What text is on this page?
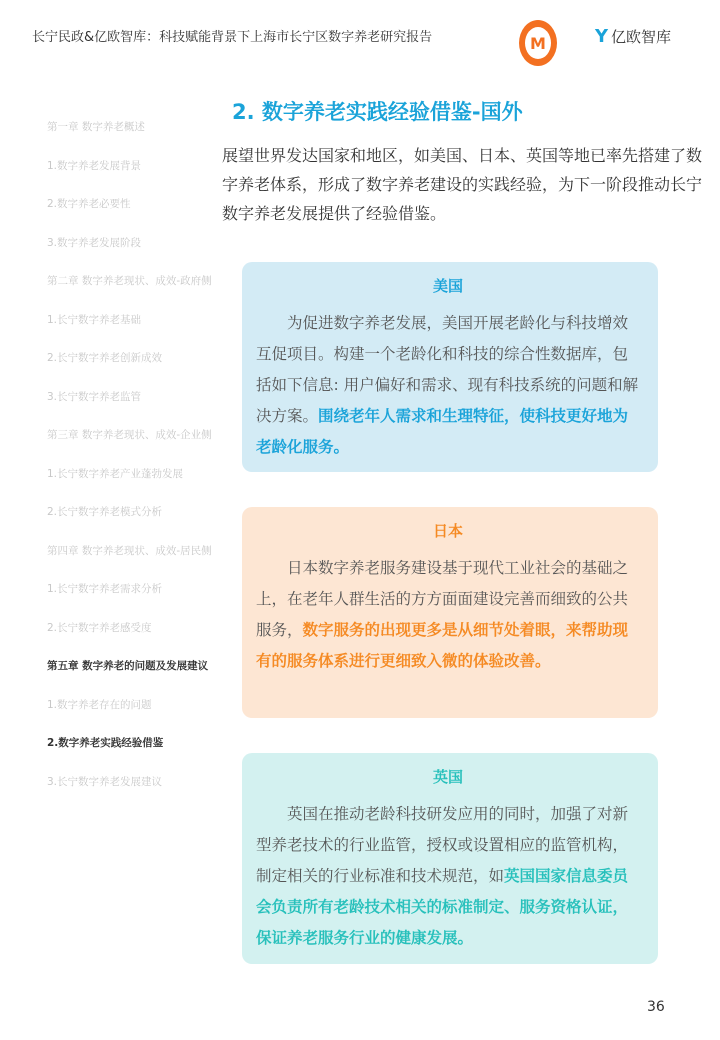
长宁民政&亿欧智库：科技赋能背景下上海市长宁区数字养老研究报告	M	Y 亿欧智库
第一章 数字养老概述
1.数字养老发展背景
2.数字养老必要性
3.数字养老发展阶段
第二章 数字养老现状、成效-政府侧
1.长宁数字养老基础
2.长宁数字养老创新成效
3.长宁数字养老监管
第三章 数字养老现状、成效-企业侧
1.长宁数字养老产业蓬勃发展
2.长宁数字养老模式分析
第四章 数字养老现状、成效-居民侧
1.长宁数字养老需求分析
2.长宁数字养老感受度
第五章 数字养老的问题及发展建议
1.数字养老存在的问题
2.数字养老实践经验借鉴
3.长宁数字养老发展建议
2. 数字养老实践经验借鉴-国外
展望世界发达国家和地区，如美国、日本、英国等地已率先搭建了数字养老体系，形成了数字养老建设的实践经验，为下一阶段推动长宁数字养老发展提供了经验借鉴。
美国

为促进数字养老发展，美国开展老龄化与科技增效互促项目。构建一个老龄化和科技的综合性数据库，包括如下信息: 用户偏好和需求、现有科技系统的问题和解决方案。围绕老年人需求和生理特征，使科技更好地为老龄化服务。

日本

日本数字养老服务建设基于现代工业社会的基础之上，在老年人群生活的方方面面建设完善而细致的公共服务，数字服务的出现更多是从细节处着眼，来帮助现有的服务体系进行更细致入微的体验改善。

英国

英国在推动老龄科技研发应用的同时，加强了对新型养老技术的行业监管，授权或设置相应的监管机构，制定相关的行业标准和技术规范，如英国国家信息委员会负责所有老龄技术相关的标准制定、服务资格认证，保证养老服务行业的健康发展。

36
